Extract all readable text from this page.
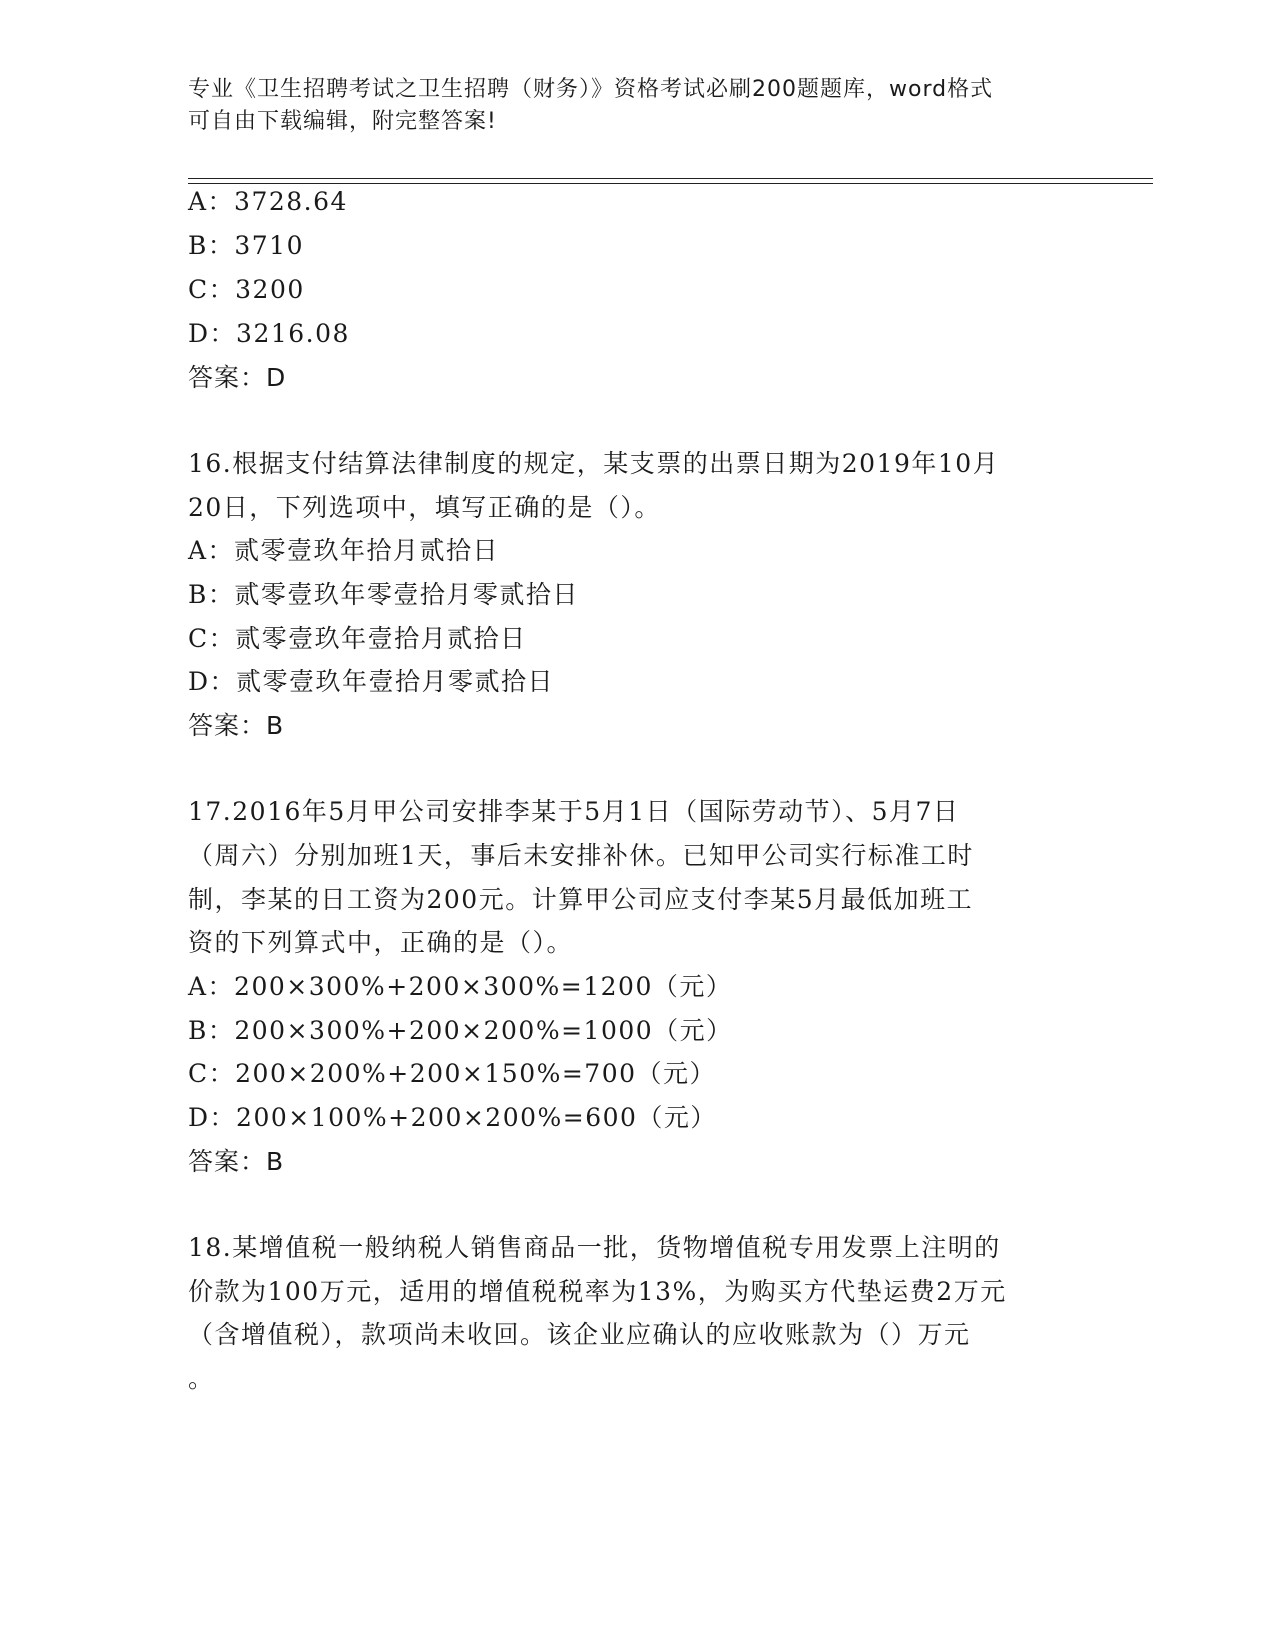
专业《卫生招聘考试之卫生招聘（财务）》资格考试必刷200题题库，word格式
可自由下载编辑，附完整答案!
A：3728.64
B：3710
C：3200
D：3216.08
答案：D
16.根据支付结算法律制度的规定，某支票的出票日期为2019年10月
20日，下列选项中，填写正确的是（）。
A：贰零壹玖年拾月贰拾日
B：贰零壹玖年零壹拾月零贰拾日
C：贰零壹玖年壹拾月贰拾日
D：贰零壹玖年壹拾月零贰拾日
答案：B
17.2016年5月甲公司安排李某于5月1日（国际劳动节）、5月7日
（周六）分别加班1天，事后未安排补休。已知甲公司实行标准工时
制，李某的日工资为200元。计算甲公司应支付李某5月最低加班工
资的下列算式中，正确的是（）。
A：200×300%+200×300%=1200（元）
B：200×300%+200×200%=1000（元）
C：200×200%+200×150%=700（元）
D：200×100%+200×200%=600（元）
答案：B
18.某增值税一般纳税人销售商品一批，货物增值税专用发票上注明的
价款为100万元，适用的增值税税率为13%，为购买方代垫运费2万元
（含增值税），款项尚未收回。该企业应确认的应收账款为（）万元
。
